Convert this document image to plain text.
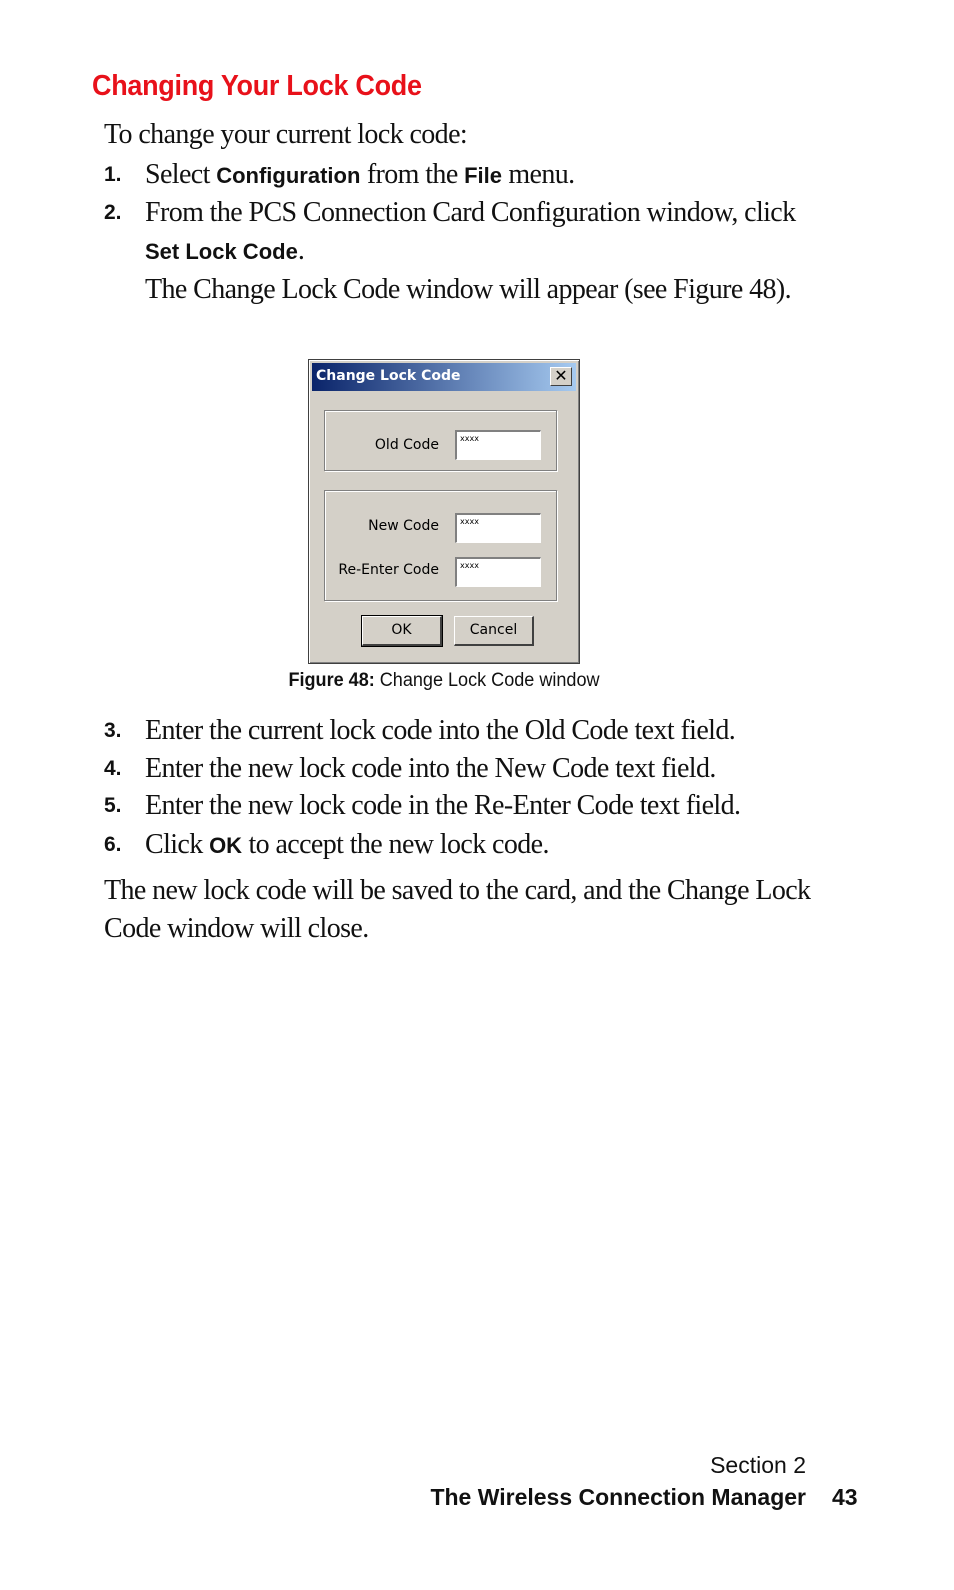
Changing Your Lock Code
To change your current lock code:
1. Select Configuration from the File menu.
2. From the PCS Connection Card Configuration window, click Set Lock Code.
The Change Lock Code window will appear (see Figure 48).
Change Lock Code	✕
Old Code	xxxx
New Code	xxxx
Re-Enter Code	xxxx
OK	Cancel
Figure 48: Change Lock Code window
3. Enter the current lock code into the Old Code text field.
4. Enter the new lock code into the New Code text field.
5. Enter the new lock code in the Re-Enter Code text field.
6. Click OK to accept the new lock code.
The new lock code will be saved to the card, and the Change Lock Code window will close.
Section 2
The Wireless Connection Manager 43
